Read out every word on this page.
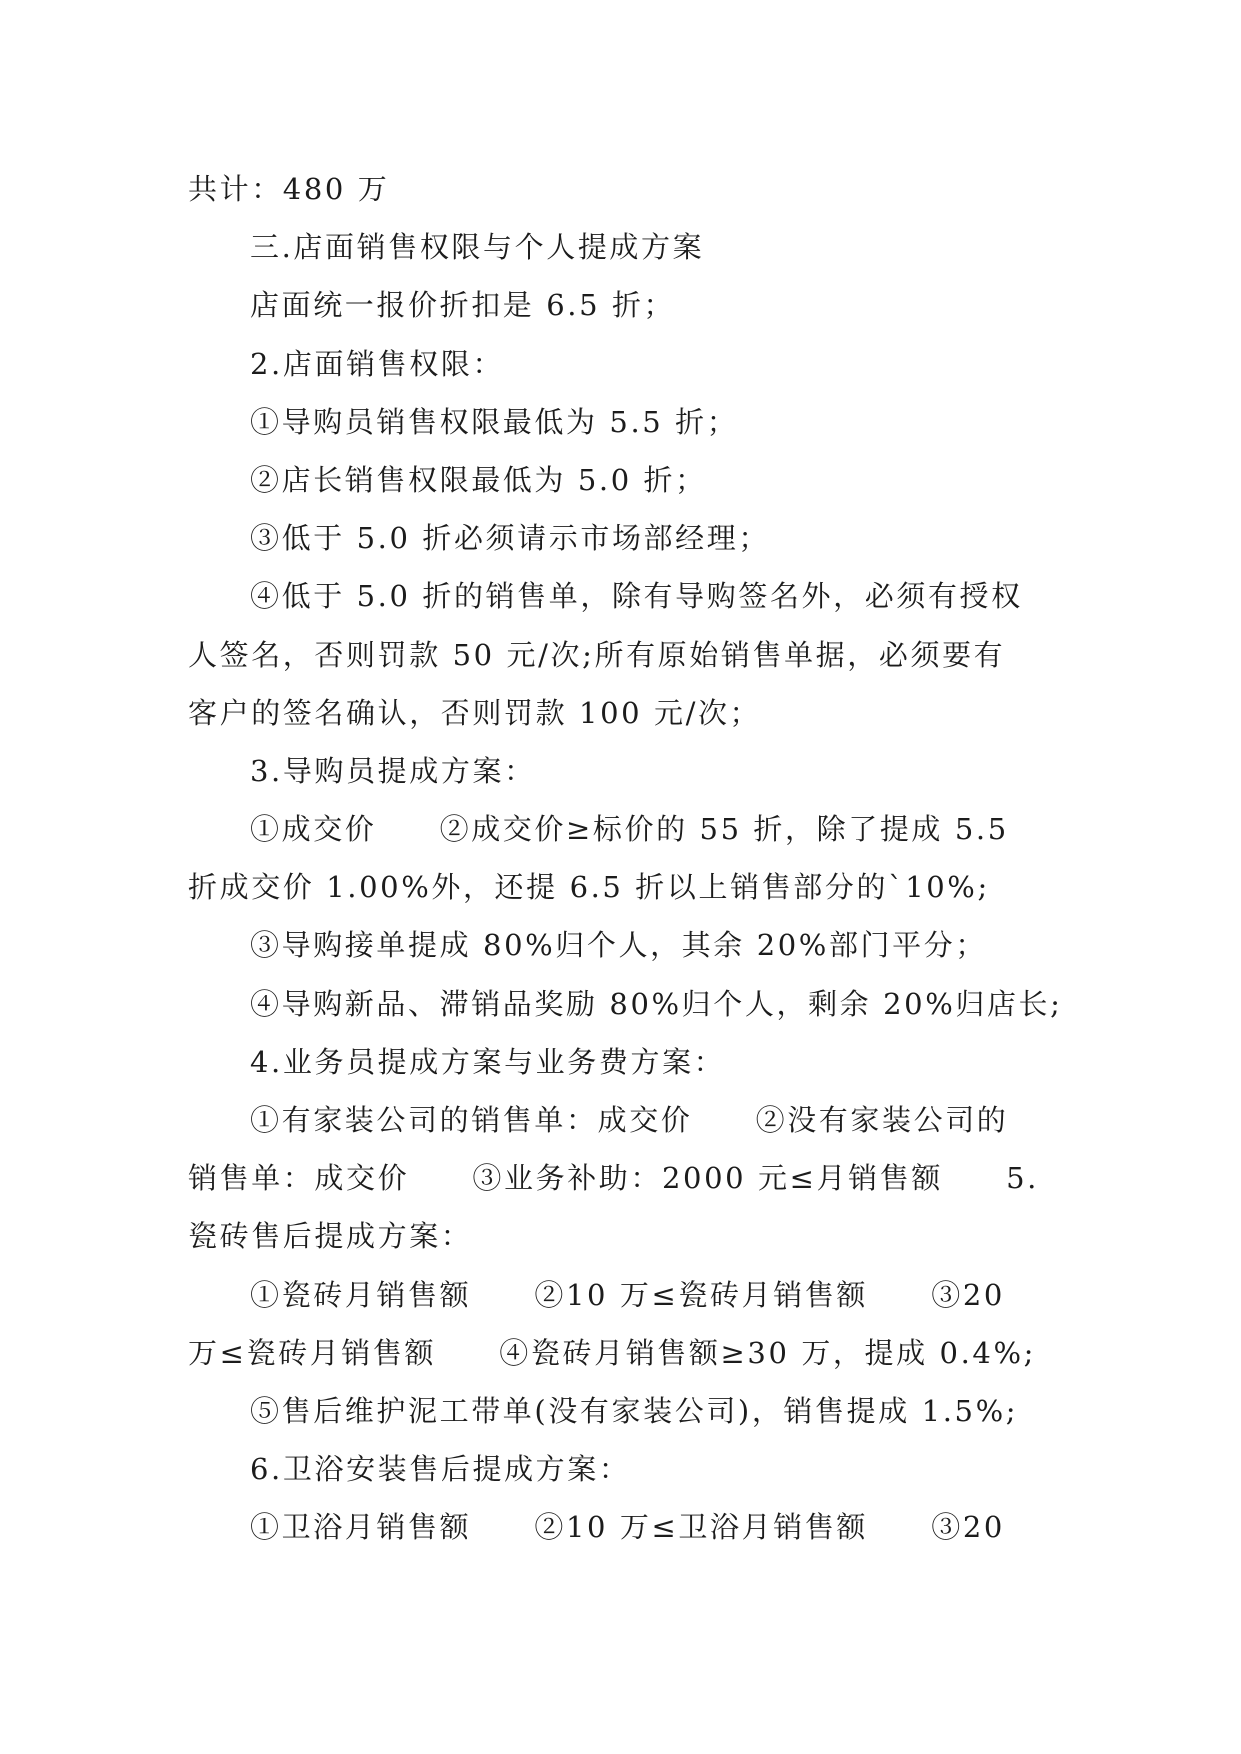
共计：480 万
三.店面销售权限与个人提成方案
店面统一报价折扣是 6.5 折；
2.店面销售权限：
①导购员销售权限最低为 5.5 折；
②店长销售权限最低为 5.0 折；
③低于 5.0 折必须请示市场部经理；
④低于 5.0 折的销售单，除有导购签名外，必须有授权
人签名，否则罚款 50 元/次;所有原始销售单据，必须要有
客户的签名确认，否则罚款 100 元/次；
3.导购员提成方案：
①成交价　　②成交价≥标价的 55 折，除了提成 5.5
折成交价 1.00%外，还提 6.5 折以上销售部分的`10%;
③导购接单提成 80%归个人，其余 20%部门平分；
④导购新品、滞销品奖励 80%归个人，剩余 20%归店长;
4.业务员提成方案与业务费方案：
①有家装公司的销售单：成交价　　②没有家装公司的
销售单：成交价　　③业务补助：2000 元≤月销售额　　5.
瓷砖售后提成方案：
①瓷砖月销售额　　②10 万≤瓷砖月销售额　　③20
万≤瓷砖月销售额　　④瓷砖月销售额≥30 万，提成 0.4%;
⑤售后维护泥工带单(没有家装公司)，销售提成 1.5%;
6.卫浴安装售后提成方案：
①卫浴月销售额　　②10 万≤卫浴月销售额　　③20
